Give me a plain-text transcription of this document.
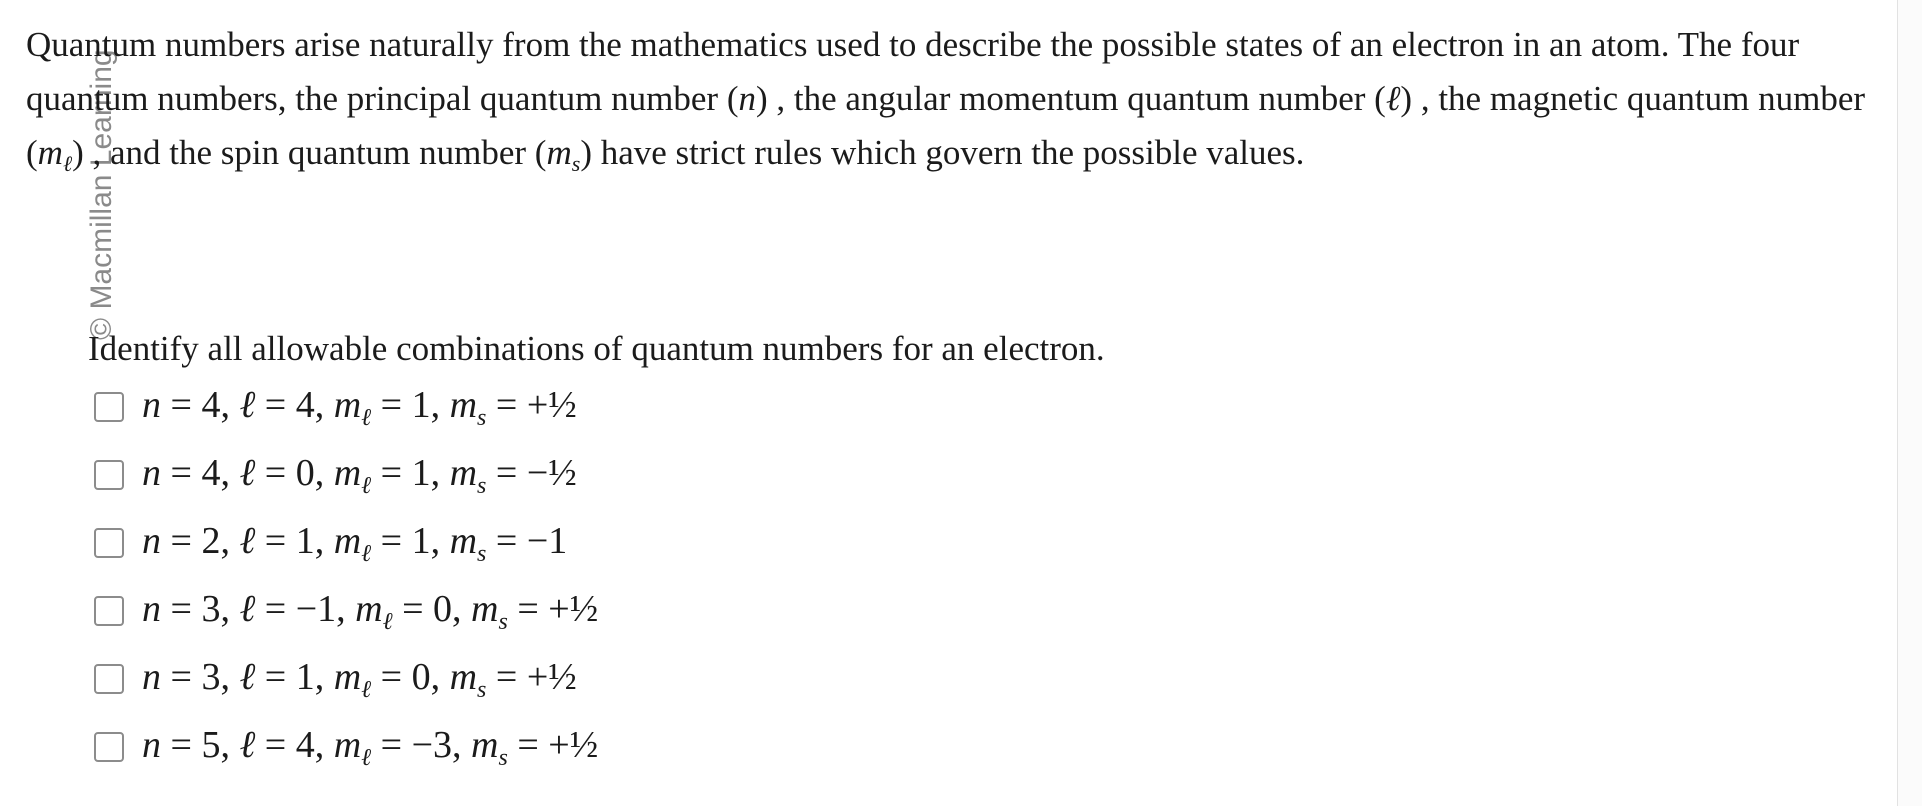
© Macmillan Learning

Quantum numbers arise naturally from the mathematics used to describe the possible states of an electron in an atom. The four quantum numbers, the principal quantum number (n) , the angular momentum quantum number (ℓ) , the magnetic quantum number $(m_\ell)$ , and the spin quantum number $(m_s)$ have strict rules which govern the possible values.

Identify all allowable combinations of quantum numbers for an electron.

n = 4, ℓ = 4, $m_\ell = 1$, $m_s$ = +½
n = 4, ℓ = 0, $m_\ell = 1$, $m_s$ = −½
n = 2, ℓ = 1, $m_\ell = 1$, $m_s = -1$
n = 3, ℓ = −1, $m_\ell = 0$, $m_s$ = +½
n = 3, ℓ = 1, $m_\ell = 0$, $m_s$ = +½
n = 5, ℓ = 4, $m_\ell = -3$, $m_s$ = +½
